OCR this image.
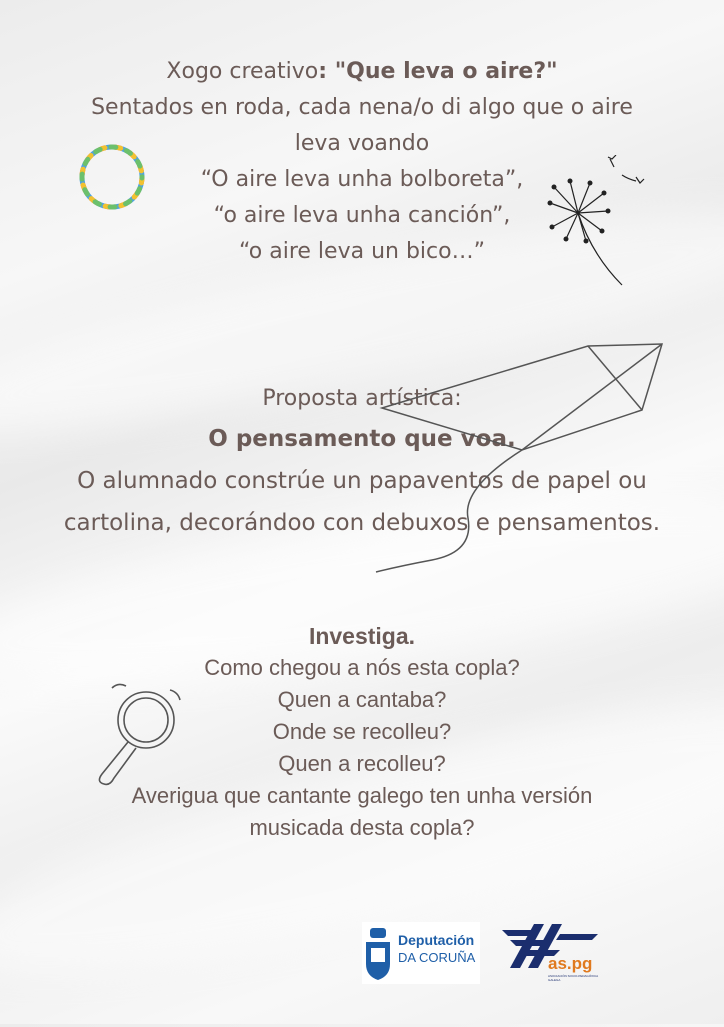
Xogo creativo: "Que leva o aire?"
Sentados en roda, cada nena/o di algo que o aire
leva voando
“O aire leva unha bolboreta”,
“o aire leva unha canción”,
“o aire leva un bico…”
Proposta artística:
O pensamento que voa.
O alumnado constrúe un papaventos de papel ou
cartolina, decorándoo con debuxos e pensamentos.
Investiga.
Como chegou a nós esta copla?
Quen a cantaba?
Onde se recolleu?
Quen a recolleu?
Averigua que cantante galego ten unha versión
musicada desta copla?
Deputación
DA CORUÑA	as.pg
ASOCIACIÓN SOCIO-PEDAGÓXICA GALEGA
